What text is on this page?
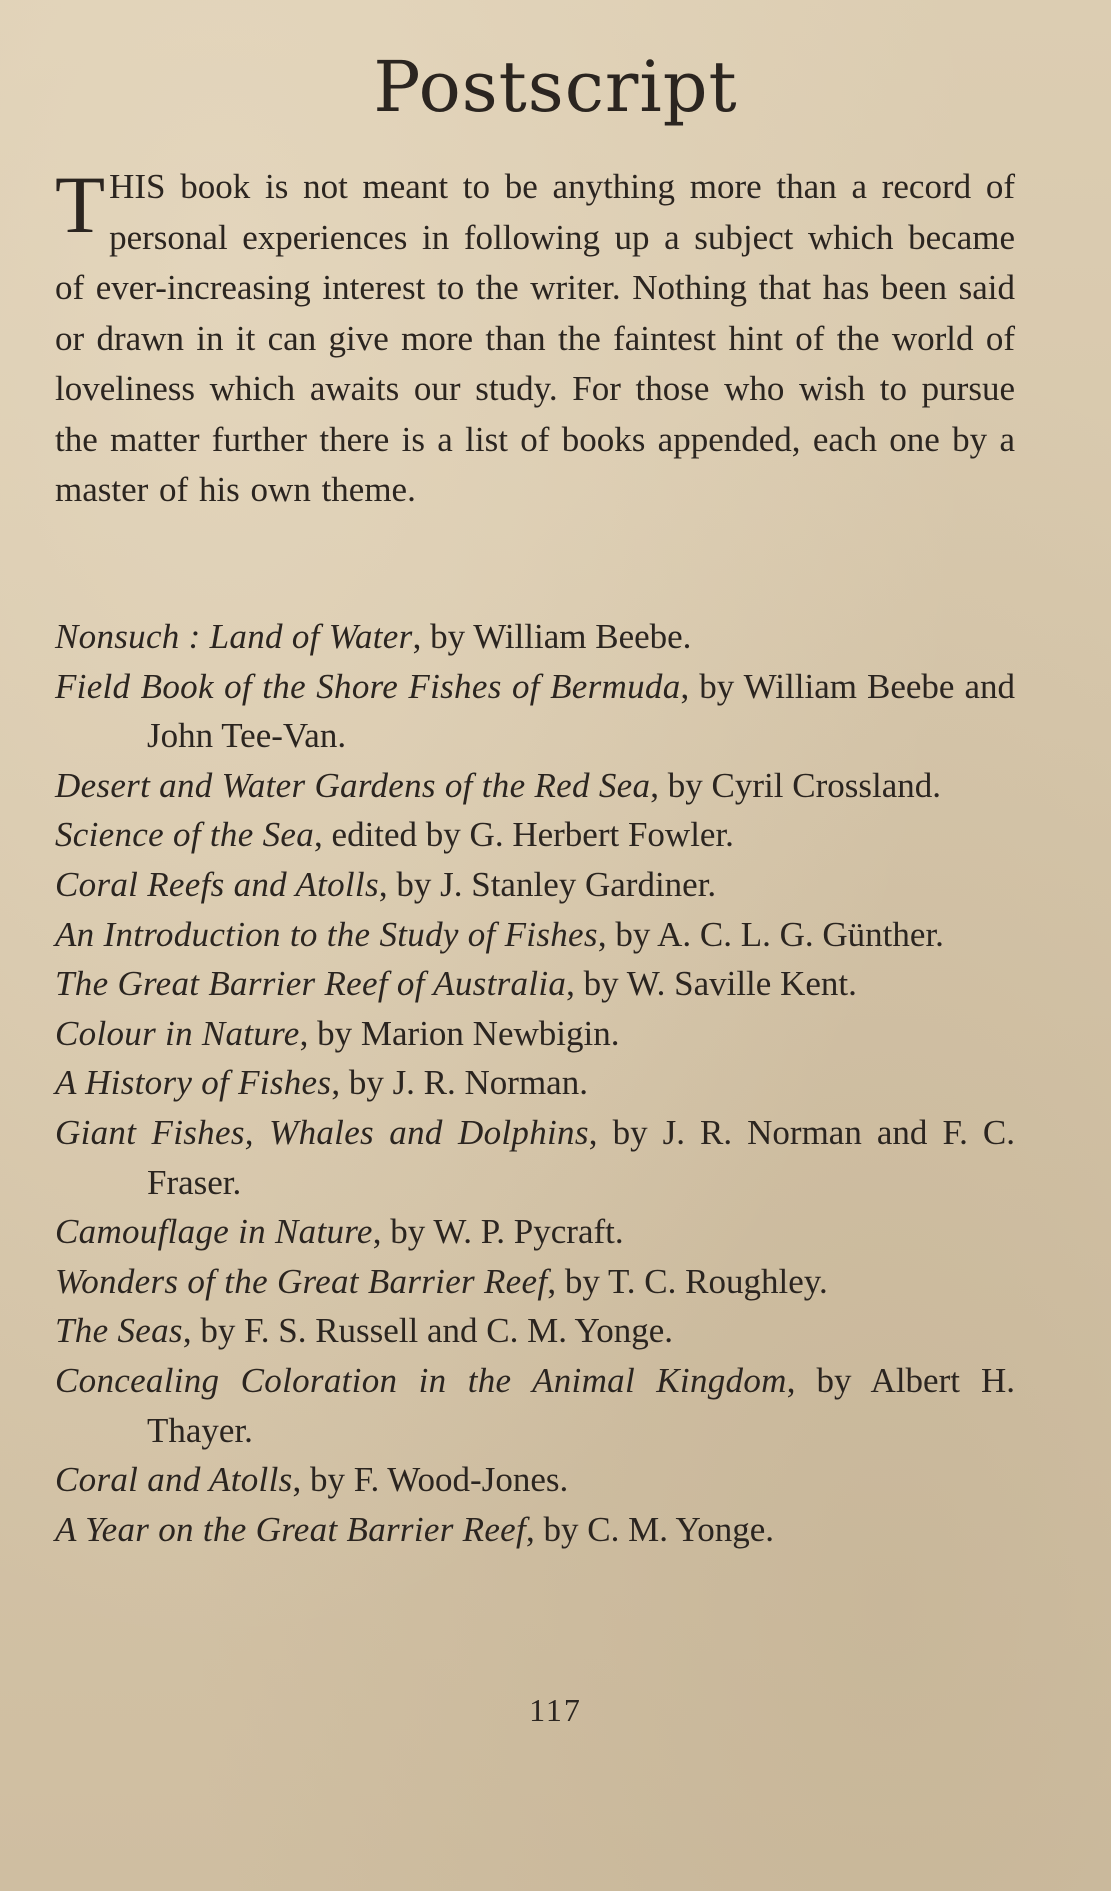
Postscript

THIS book is not meant to be anything more than a record of personal experiences in following up a subject which became of ever-increasing interest to the writer. Nothing that has been said or drawn in it can give more than the faintest hint of the world of loveliness which awaits our study. For those who wish to pursue the matter further there is a list of books appended, each one by a master of his own theme.

Nonsuch : Land of Water, by William Beebe.
Field Book of the Shore Fishes of Bermuda, by William Beebe and John Tee-Van.
Desert and Water Gardens of the Red Sea, by Cyril Crossland.
Science of the Sea, edited by G. Herbert Fowler.
Coral Reefs and Atolls, by J. Stanley Gardiner.
An Introduction to the Study of Fishes, by A. C. L. G. Günther.
The Great Barrier Reef of Australia, by W. Saville Kent.
Colour in Nature, by Marion Newbigin.
A History of Fishes, by J. R. Norman.
Giant Fishes, Whales and Dolphins, by J. R. Norman and F. C. Fraser.
Camouflage in Nature, by W. P. Pycraft.
Wonders of the Great Barrier Reef, by T. C. Roughley.
The Seas, by F. S. Russell and C. M. Yonge.
Concealing Coloration in the Animal Kingdom, by Albert H. Thayer.
Coral and Atolls, by F. Wood-Jones.
A Year on the Great Barrier Reef, by C. M. Yonge.
117
